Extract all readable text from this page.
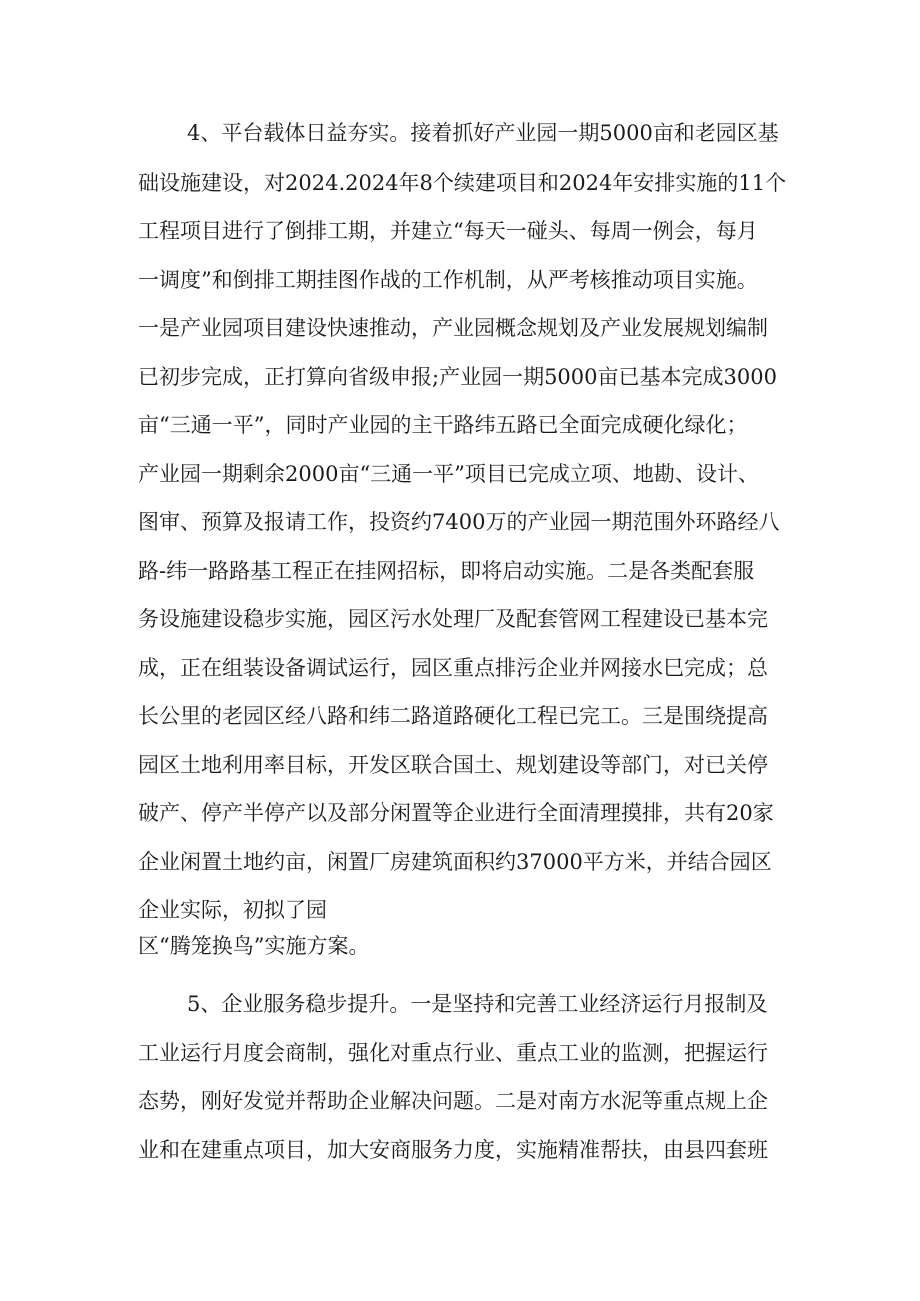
4、平台载体日益夯实。接着抓好产业园一期5000亩和老园区基
础设施建设，对2024.2024年8个续建项目和2024年安排实施的11个
工程项目进行了倒排工期，并建立“每天一碰头、每周一例会，每月
一调度”和倒排工期挂图作战的工作机制，从严考核推动项目实施。
一是产业园项目建设快速推动，产业园概念规划及产业发展规划编制
已初步完成，正打算向省级申报;产业园一期5000亩已基本完成3000
亩“三通一平”，同时产业园的主干路纬五路已全面完成硬化绿化；
产业园一期剩余2000亩“三通一平”项目已完成立项、地勘、设计、
图审、预算及报请工作，投资约7400万的产业园一期范围外环路经八
路-纬一路路基工程正在挂网招标，即将启动实施。二是各类配套服
务设施建设稳步实施，园区污水处理厂及配套管网工程建设已基本完
成，正在组装设备调试运行，园区重点排污企业并网接水巳完成；总
长公里的老园区经八路和纬二路道路硬化工程已完工。三是围绕提高
园区土地利用率目标，开发区联合国土、规划建设等部门，对已关停
破产、停产半停产以及部分闲置等企业进行全面清理摸排，共有20家
企业闲置土地约亩，闲置厂房建筑面积约37000平方米，并结合园区
企业实际，初拟了园
区“腾笼换鸟”实施方案。
5、企业服务稳步提升。一是坚持和完善工业经济运行月报制及
工业运行月度会商制，强化对重点行业、重点工业的监测，把握运行
态势，刚好发觉并帮助企业解决问题。二是对南方水泥等重点规上企
业和在建重点项目，加大安商服务力度，实施精准帮扶，由县四套班
